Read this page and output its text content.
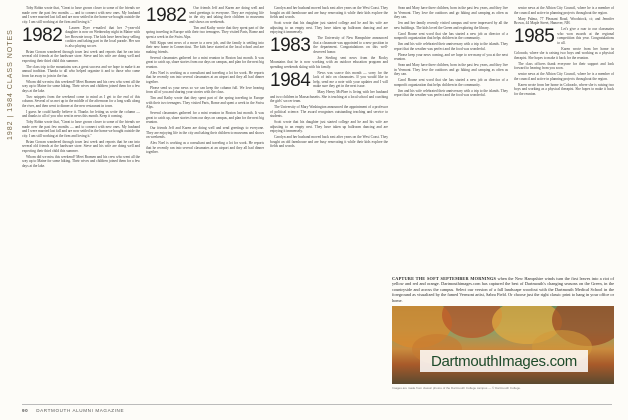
1982 | 1984 CLASS NOTES

Toby Robin wrote that, "Great to have grown closer to some of the friends we made over the past few months — and to connect with new ones. My husband and I were married last fall and are now settled in the home we bought outside the city. I am still working at the firm and loving it."

1982	Lauren Dyer e-mailed that her 7-year-old daughter is now on Wednesday night in Maine with her Brownie troop. The kids have been busy selling cookies and taking part in the local parade. Her son is also playing soccer.

Brian Gowan wandered through town last week and reports that he ran into several old friends at the hardware store. Steve and his wife are doing well and expecting their third child this summer.

The class trip to the mountains was a great success and we hope to make it an annual tradition. Thanks to all who helped organize it and to those who came from far away to join in the fun.

Whom did we miss this weekend? Meet Bramen and his crew who went all the way up to Maine for some hiking. Their wives and children joined them for a few days at the lake.

Two snippets from the weekend come to mind as I get to the end of this column. Several of us met up in the middle of the afternoon for a long walk along the river, and then went to dinner at the new restaurant in town.

I guess he could hardly believe it. Thanks for letting us write the column — and thanks to all of you who sent in news this month. Keep it coming.

Toby Robin wrote that, "Great to have grown closer to some of the friends we made over the past few months — and to connect with new ones. My husband and I were married last fall and are now settled in the home we bought outside the city. I am still working at the firm and loving it."

Brian Gowan wandered through town last week and reports that he ran into several old friends at the hardware store. Steve and his wife are doing well and expecting their third child this summer.

Whom did we miss this weekend? Meet Bramen and his crew who went all the way up to Maine for some hiking. Their wives and children joined them for a few days at the lake.

1982	Our friends Jeff and Karen are doing well and send greetings to everyone. They are enjoying life in the city and taking their children to museums and shows on weekends.

Tim and Kathy wrote that they spent part of the spring traveling in Europe with their two teenagers. They visited Paris, Rome and spent a week in the Swiss Alps.

Will Kipps sent news of a move to a new job, and the family is settling into their new home in Connecticut. The kids have started at the local school and are making friends.

Several classmates gathered for a mini reunion in Boston last month. It was great to catch up, share stories from our days on campus, and plan for the next big reunion.

Alex Noel is working as a consultant and traveling a lot for work. He reports that he recently ran into several classmates at an airport and they all had dinner together.

Please send us your news so we can keep the column full. We love hearing from all of you and sharing your stories with the class.

Tim and Kathy wrote that they spent part of the spring traveling in Europe with their two teenagers. They visited Paris, Rome and spent a week in the Swiss Alps.

Several classmates gathered for a mini reunion in Boston last month. It was great to catch up, share stories from our days on campus, and plan for the next big reunion.

Our friends Jeff and Karen are doing well and send greetings to everyone. They are enjoying life in the city and taking their children to museums and shows on weekends.

Alex Noel is working as a consultant and traveling a lot for work. He reports that he recently ran into several classmates at an airport and they all had dinner together.

Carolyn and her husband moved back east after years on the West Coast. They bought an old farmhouse and are busy renovating it while their kids explore the fields and woods.

Scott wrote that his daughter just started college and he and his wife are adjusting to an empty nest. They have taken up ballroom dancing and are enjoying it immensely.

1983	The University of New Hampshire announced that a classmate was appointed to a new position in the department. Congratulations on this well-deserved honor.

Joe Sterling sent news from the Rocky Mountains that he is now working with an outdoor education program and spending weekends skiing with his family.

1984	News was scarce this month — sorry for the lack of info on classmates. If you would like to help, send me a note with your updates and I will make sure they get in the next issue.

Mary Heery McPhee is living with her husband and two children in Massachusetts. She is teaching at a local school and coaching the girls' soccer team.

The University of Mary Washington announced the appointment of a professor of political science. The award recognizes outstanding teaching and service to students.

Scott wrote that his daughter just started college and he and his wife are adjusting to an empty nest. They have taken up ballroom dancing and are enjoying it immensely.

Carolyn and her husband moved back east after years on the West Coast. They bought an old farmhouse and are busy renovating it while their kids explore the fields and woods.

Sean and Mary have three children, born in the past few years, and they live in Vermont. They love the outdoors and go hiking and camping as often as they can.

Jen and her family recently visited campus and were impressed by all the new buildings. The kids loved the Green and exploring the library.

Carol Boone sent word that she has started a new job as director of a nonprofit organization that helps children in the community.

Jim and his wife celebrated their anniversary with a trip to the islands. They report that the weather was perfect and the food was wonderful.

Please keep your news coming, and we hope to see many of you at the next reunion.

Sean and Mary have three children, born in the past few years, and they live in Vermont. They love the outdoors and go hiking and camping as often as they can.

Carol Boone sent word that she has started a new job as director of a nonprofit organization that helps children in the community.

Jim and his wife celebrated their anniversary with a trip to the islands. They report that the weather was perfect and the food was wonderful.

senior news at the Albion City Council, where he is a member of the council and active in planning projects throughout the region.

Mary Palma, 77 Pleasant Road, Woodstock, ct; and Jennifer Brown, 44 Maple Street, Hanover, NH.

1985	Let's give a roar to our classmates who won awards at the regional competition this year. Congratulations to all.

Karen wrote from her home in Colorado, where she is raising two boys and working as a physical therapist. She hopes to make it back for the reunion.

The class officers thank everyone for their support and look forward to hearing from you soon.

senior news at the Albion City Council, where he is a member of the council and active in planning projects throughout the region.

Karen wrote from her home in Colorado, where she is raising two boys and working as a physical therapist. She hopes to make it back for the reunion.

CAPTURE THE SOFT SEPTEMBER MORNINGS when the New Hampshire winds turn the first leaves into a riot of yellow and red and orange. Dartmouthimages.com has captured the best of Dartmouth's changing seasons on the Green, in the countryside and across the campus. Select our version of a fall landscape woodcut with the Dartmouth Medical School in the foreground as visualized by the famed Vermont artist, Sabra Field. Or choose just the right classic print to hang in your office or home.

DartmouthImages.com
Images are made from classic photos of the Dartmouth College campus — © Dartmouth College.
90 DARTMOUTH ALUMNI MAGAZINE
